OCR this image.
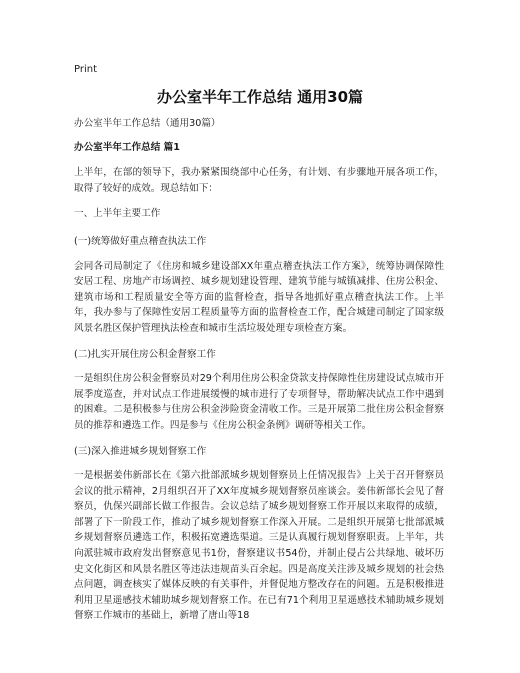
Print
办公室半年工作总结 通用30篇

办公室半年工作总结（通用30篇）

办公室半年工作总结 篇1

上半年，在部的领导下，我办紧紧围绕部中心任务，有计划、有步骤地开展各项工作，取得了较好的成效。现总结如下：

一、上半年主要工作

(一)统筹做好重点稽查执法工作

会同各司局制定了《住房和城乡建设部XX年重点稽查执法工作方案》，统筹协调保障性安居工程、房地产市场调控、城乡规划建设管理、建筑节能与城镇减排、住房公积金、建筑市场和工程质量安全等方面的监督检查，指导各地抓好重点稽查执法工作。上半年，我办参与了保障性安居工程质量等方面的监督检查工作，配合城建司制定了国家级风景名胜区保护管理执法检查和城市生活垃圾处理专项检查方案。

(二)扎实开展住房公积金督察工作

一是组织住房公积金督察员对29个利用住房公积金贷款支持保障性住房建设试点城市开展季度巡查，并对试点工作进展缓慢的城市进行了专项督导，帮助解决试点工作中遇到的困难。二是积极参与住房公积金涉险资金清收工作。三是开展第二批住房公积金督察员的推荐和遴选工作。四是参与《住房公积金条例》调研等相关工作。

(三)深入推进城乡规划督察工作

一是根据姜伟新部长在《第六批部派城乡规划督察员上任情况报告》上关于召开督察员会议的批示精神，2月组织召开了XX年度城乡规划督察员座谈会。姜伟新部长会见了督察员，仇保兴副部长做工作报告。会议总结了城乡规划督察工作开展以来取得的成绩，部署了下一阶段工作，推动了城乡规划督察工作深入开展。二是组织开展第七批部派城乡规划督察员遴选工作，积极拓宽遴选渠道。三是认真履行规划督察职责。上半年，共向派驻城市政府发出督察意见书1份，督察建议书54份，并制止侵占公共绿地、破坏历史文化街区和风景名胜区等违法违规苗头百余起。四是高度关注涉及城乡规划的社会热点问题，调查核实了媒体反映的有关事件，并督促地方整改存在的问题。五是积极推进利用卫星遥感技术辅助城乡规划督察工作。在已有71个利用卫星遥感技术辅助城乡规划督察工作城市的基础上，新增了唐山等18
